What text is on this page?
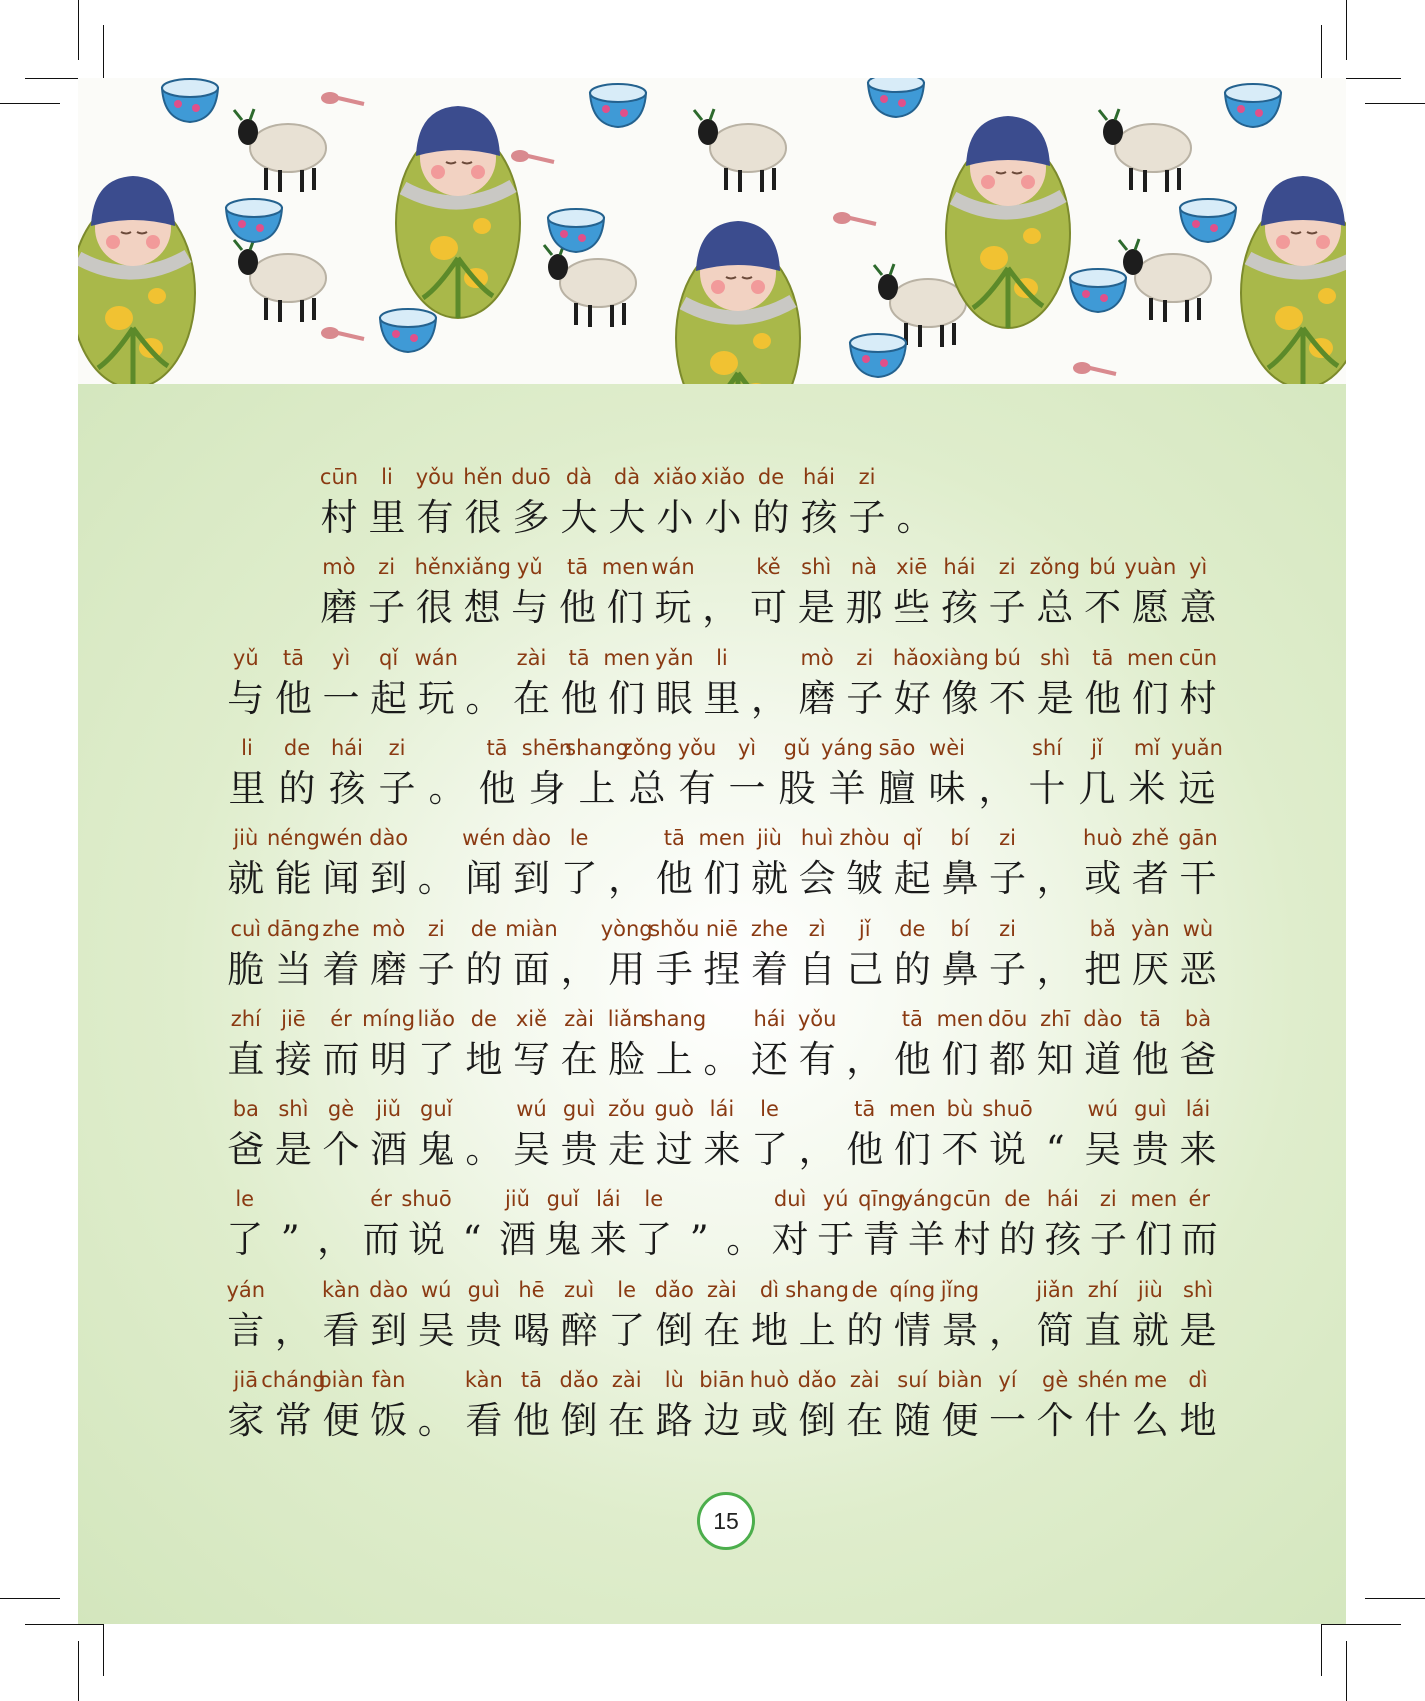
cūn
村
li
里
yǒu
有
hěn
很
duō
多
dà
大
dà
大
xiǎo
小
xiǎo
小
de
的
hái
孩
zi
子 。
mò
磨
zi
子
hěn
很
xiǎng
想
yǔ
与
tā
他
men
们
wán
玩 ，
kě
可
shì
是
nà
那
xiē
些
hái
孩
zi
子
zǒng
总
bú
不
yuàn
愿
yì
意
yǔ
与
tā
他
yì
一
qǐ
起
wán
玩 。
zài
在
tā
他
men
们
yǎn
眼
li
里 ，
mò
磨
zi
子
hǎo
好
xiàng
像
bú
不
shì
是
tā
他
men
们
cūn
村
li
里
de
的
hái
孩
zi
子 。
tā
他
shēn
身
shang
上
zǒng
总
yǒu
有
yì
一
gǔ
股
yáng
羊
sāo
膻
wèi
味 ，
shí
十
jǐ
几
mǐ
米
yuǎn
远
jiù
就
néng
能
wén
闻
dào
到 。
wén
闻
dào
到
le
了 ，
tā
他
men
们
jiù
就
huì
会
zhòu
皱
qǐ
起
bí
鼻
zi
子 ，
huò
或
zhě
者
gān
干
cuì
脆
dāng
当
zhe
着
mò
磨
zi
子
de
的
miàn
面 ，
yòng
用
shǒu
手
niē
捏
zhe
着
zì
自
jǐ
己
de
的
bí
鼻
zi
子 ，
bǎ
把
yàn
厌
wù
恶
zhí
直
jiē
接
ér
而
míng
明
liǎo
了
de
地
xiě
写
zài
在
liǎn
脸
shang
上 。
hái
还
yǒu
有 ，
tā
他
men
们
dōu
都
zhī
知
dào
道
tā
他
bà
爸
ba
爸
shì
是
gè
个
jiǔ
酒
guǐ
鬼 。
wú
吴
guì
贵
zǒu
走
guò
过
lái
来
le
了 ，
tā
他
men
们
bù
不
shuō
说 “
wú
吴
guì
贵
lái
来
le
了 ” ，
ér
而
shuō
说 “
jiǔ
酒
guǐ
鬼
lái
来
le
了 ” 。
duì
对
yú
于
qīng
青
yáng
羊
cūn
村
de
的
hái
孩
zi
子
men
们
ér
而
yán
言 ，
kàn
看
dào
到
wú
吴
guì
贵
hē
喝
zuì
醉
le
了
dǎo
倒
zài
在
dì
地
shang
上
de
的
qíng
情
jǐng
景 ，
jiǎn
简
zhí
直
jiù
就
shì
是
jiā
家
cháng
常
biàn
便
fàn
饭 。
kàn
看
tā
他
dǎo
倒
zài
在
lù
路
biān
边
huò
或
dǎo
倒
zài
在
suí
随
biàn
便
yí
一
gè
个
shén
什
me
么
dì
地
15
